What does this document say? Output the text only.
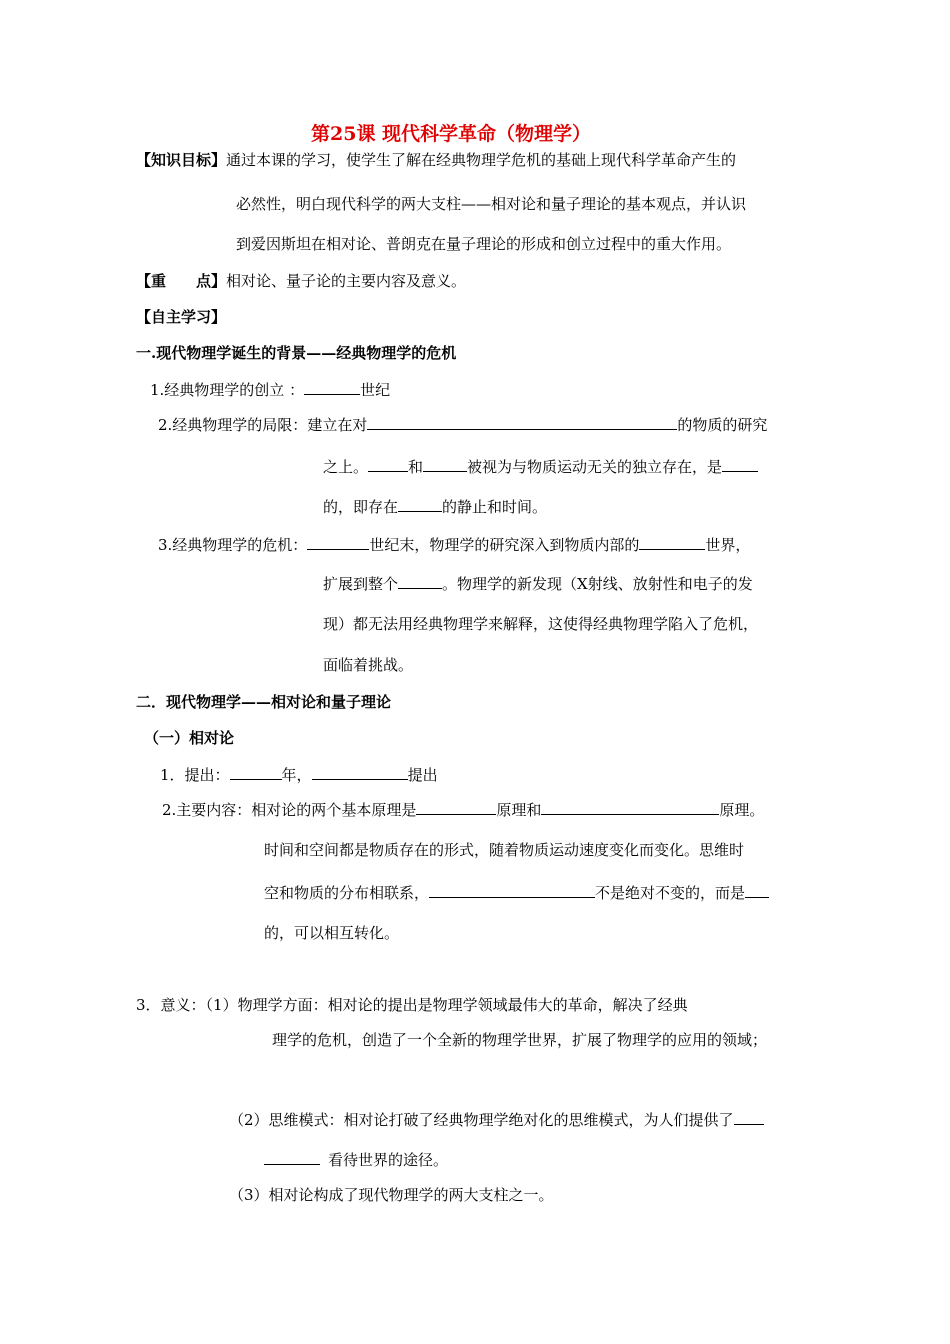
第25课 现代科学革命（物理学）
【知识目标】通过本课的学习，使学生了解在经典物理学危机的基础上现代科学革命产生的
必然性，明白现代科学的两大支柱——相对论和量子理论的基本观点，并认识
到爱因斯坦在相对论、普朗克在量子理论的形成和创立过程中的重大作用。
【重 点】相对论、量子论的主要内容及意义。
【自主学习】
一.现代物理学诞生的背景——经典物理学的危机
1.经典物理学的创立 ：	世纪
2.经典物理学的局限：建立在对	的物质的研究
之上。	和	被视为与物质运动无关的独立存在，是
的，即存在	的静止和时间。
3.经典物理学的危机：	世纪末，物理学的研究深入到物质内部的	世界，
扩展到整个	。物理学的新发现（X射线、放射性和电子的发
现）都无法用经典物理学来解释，这使得经典物理学陷入了危机，
面临着挑战。
二．现代物理学——相对论和量子理论
（一）相对论
1．提出：	年，	提出
2.主要内容：相对论的两个基本原理是	原理和	原理。
时间和空间都是物质存在的形式，随着物质运动速度变化而变化。思维时
空和物质的分布相联系，	不是绝对不变的，而是
的，可以相互转化。
3．意义：（1）物理学方面：相对论的提出是物理学领域最伟大的革命，解决了经典
理学的危机，创造了一个全新的物理学世界，扩展了物理学的应用的领域；
（2）思维模式：相对论打破了经典物理学绝对化的思维模式，为人们提供了
看待世界的途径。
（3）相对论构成了现代物理学的两大支柱之一。
